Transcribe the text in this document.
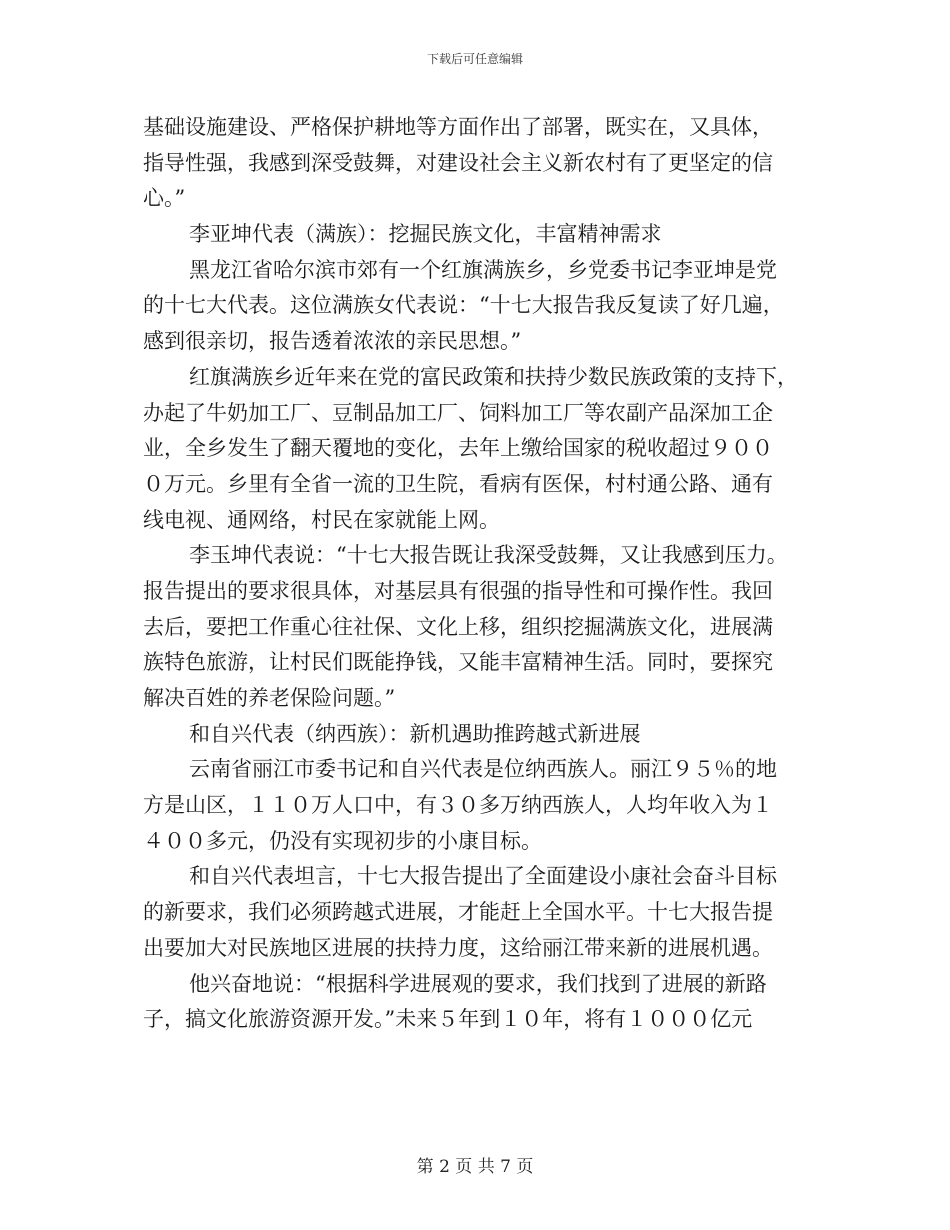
下载后可任意编辑
基础设施建设、严格保护耕地等方面作出了部署，既实在，又具体，
指导性强，我感到深受鼓舞，对建设社会主义新农村有了更坚定的信
心。”
李亚坤代表（满族）：挖掘民族文化，丰富精神需求
黑龙江省哈尔滨市郊有一个红旗满族乡，乡党委书记李亚坤是党
的十七大代表。这位满族女代表说：“十七大报告我反复读了好几遍，
感到很亲切，报告透着浓浓的亲民思想。”
红旗满族乡近年来在党的富民政策和扶持少数民族政策的支持下，
办起了牛奶加工厂、豆制品加工厂、饲料加工厂等农副产品深加工企
业，全乡发生了翻天覆地的变化，去年上缴给国家的税收超过９００
０万元。乡里有全省一流的卫生院，看病有医保，村村通公路、通有
线电视、通网络，村民在家就能上网。
李玉坤代表说：“十七大报告既让我深受鼓舞，又让我感到压力。
报告提出的要求很具体，对基层具有很强的指导性和可操作性。我回
去后，要把工作重心往社保、文化上移，组织挖掘满族文化，进展满
族特色旅游，让村民们既能挣钱，又能丰富精神生活。同时，要探究
解决百姓的养老保险问题。”
和自兴代表（纳西族）：新机遇助推跨越式新进展
云南省丽江市委书记和自兴代表是位纳西族人。丽江９５％的地
方是山区，１１０万人口中，有３０多万纳西族人，人均年收入为１
４００多元，仍没有实现初步的小康目标。
和自兴代表坦言，十七大报告提出了全面建设小康社会奋斗目标
的新要求，我们必须跨越式进展，才能赶上全国水平。十七大报告提
出要加大对民族地区进展的扶持力度，这给丽江带来新的进展机遇。
他兴奋地说：“根据科学进展观的要求，我们找到了进展的新路
子，搞文化旅游资源开发。”未来５年到１０年，将有１０００亿元
第 2 页 共 7 页
